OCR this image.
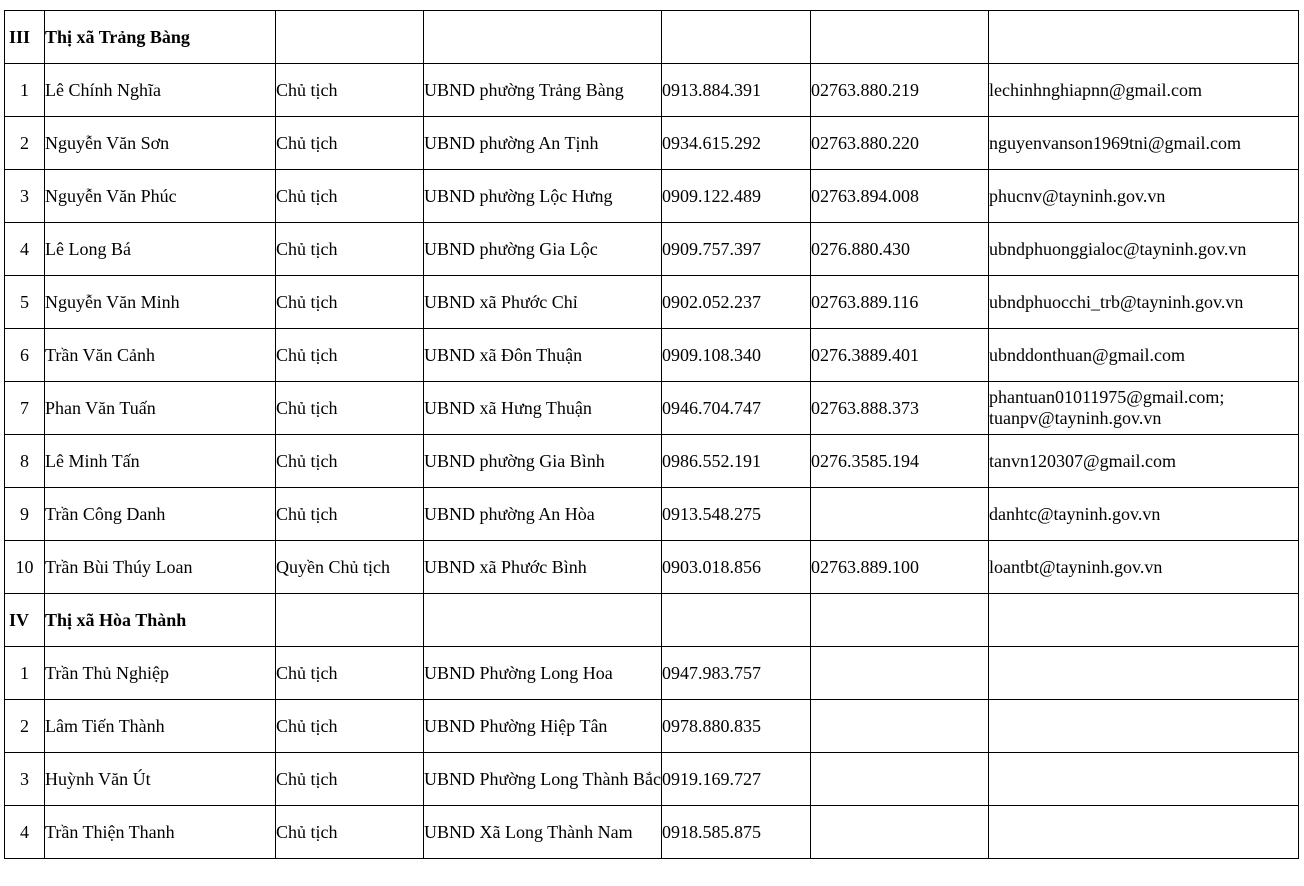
III	Thị xã Trảng Bàng					
1	Lê Chính Nghĩa	Chủ tịch	UBND phường Trảng Bàng	0913.884.391	02763.880.219	lechinhnghiapnn@gmail.com
2	Nguyễn Văn Sơn	Chủ tịch	UBND phường An Tịnh	0934.615.292	02763.880.220	nguyenvanson1969tni@gmail.com
3	Nguyễn Văn Phúc	Chủ tịch	UBND phường Lộc Hưng	0909.122.489	02763.894.008	phucnv@tayninh.gov.vn
4	Lê Long Bá	Chủ tịch	UBND phường Gia Lộc	0909.757.397	0276.880.430	ubndphuonggialoc@tayninh.gov.vn
5	Nguyễn Văn Minh	Chủ tịch	UBND xã Phước Chỉ	0902.052.237	02763.889.116	ubndphuocchi_trb@tayninh.gov.vn
6	Trần Văn Cảnh	Chủ tịch	UBND xã Đôn Thuận	0909.108.340	0276.3889.401	ubnddonthuan@gmail.com
7	Phan Văn Tuấn	Chủ tịch	UBND xã Hưng Thuận	0946.704.747	02763.888.373	phantuan01011975@gmail.com;
tuanpv@tayninh.gov.vn

8	Lê Minh Tấn	Chủ tịch	UBND phường Gia Bình	0986.552.191	0276.3585.194	tanvn120307@gmail.com
9	Trần Công Danh	Chủ tịch	UBND phường An Hòa	0913.548.275		danhtc@tayninh.gov.vn
10	Trần Bùi Thúy Loan	Quyền Chủ tịch	UBND xã Phước Bình	0903.018.856	02763.889.100	loantbt@tayninh.gov.vn
IV	Thị xã Hòa Thành					
1	Trần Thủ Nghiệp	Chủ tịch	UBND Phường Long Hoa	0947.983.757		
2	Lâm Tiến Thành	Chủ tịch	UBND Phường Hiệp Tân	0978.880.835		
3	Huỳnh Văn Út	Chủ tịch	UBND Phường Long Thành Bắc	0919.169.727		
4	Trần Thiện Thanh	Chủ tịch	UBND Xã Long Thành Nam	0918.585.875		
